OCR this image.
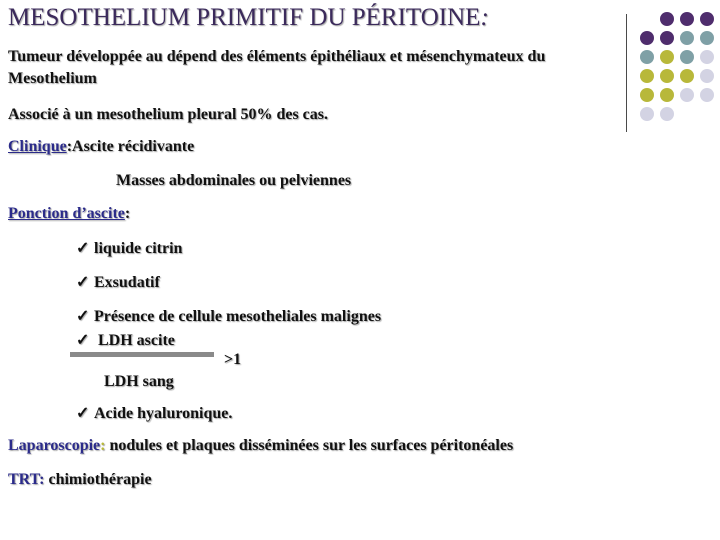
MESOTHELIUM PRIMITIF DU PÉRITOINE:
Tumeur développée au dépend des éléments épithéliaux et mésenchymateux du
Mesothelium
Associé à un mesothelium pleural 50% des cas.
Clinique:Ascite récidivante
Masses abdominales ou pelviennes
Ponction d’ascite:
✓ liquide citrin
✓ Exsudatif
✓ Présence de cellule mesotheliales malignes
✓ LDH ascite
>1
LDH sang
✓ Acide hyaluronique.
Laparoscopie: nodules et plaques disséminées sur les surfaces péritonéales
TRT: chimiothérapie
